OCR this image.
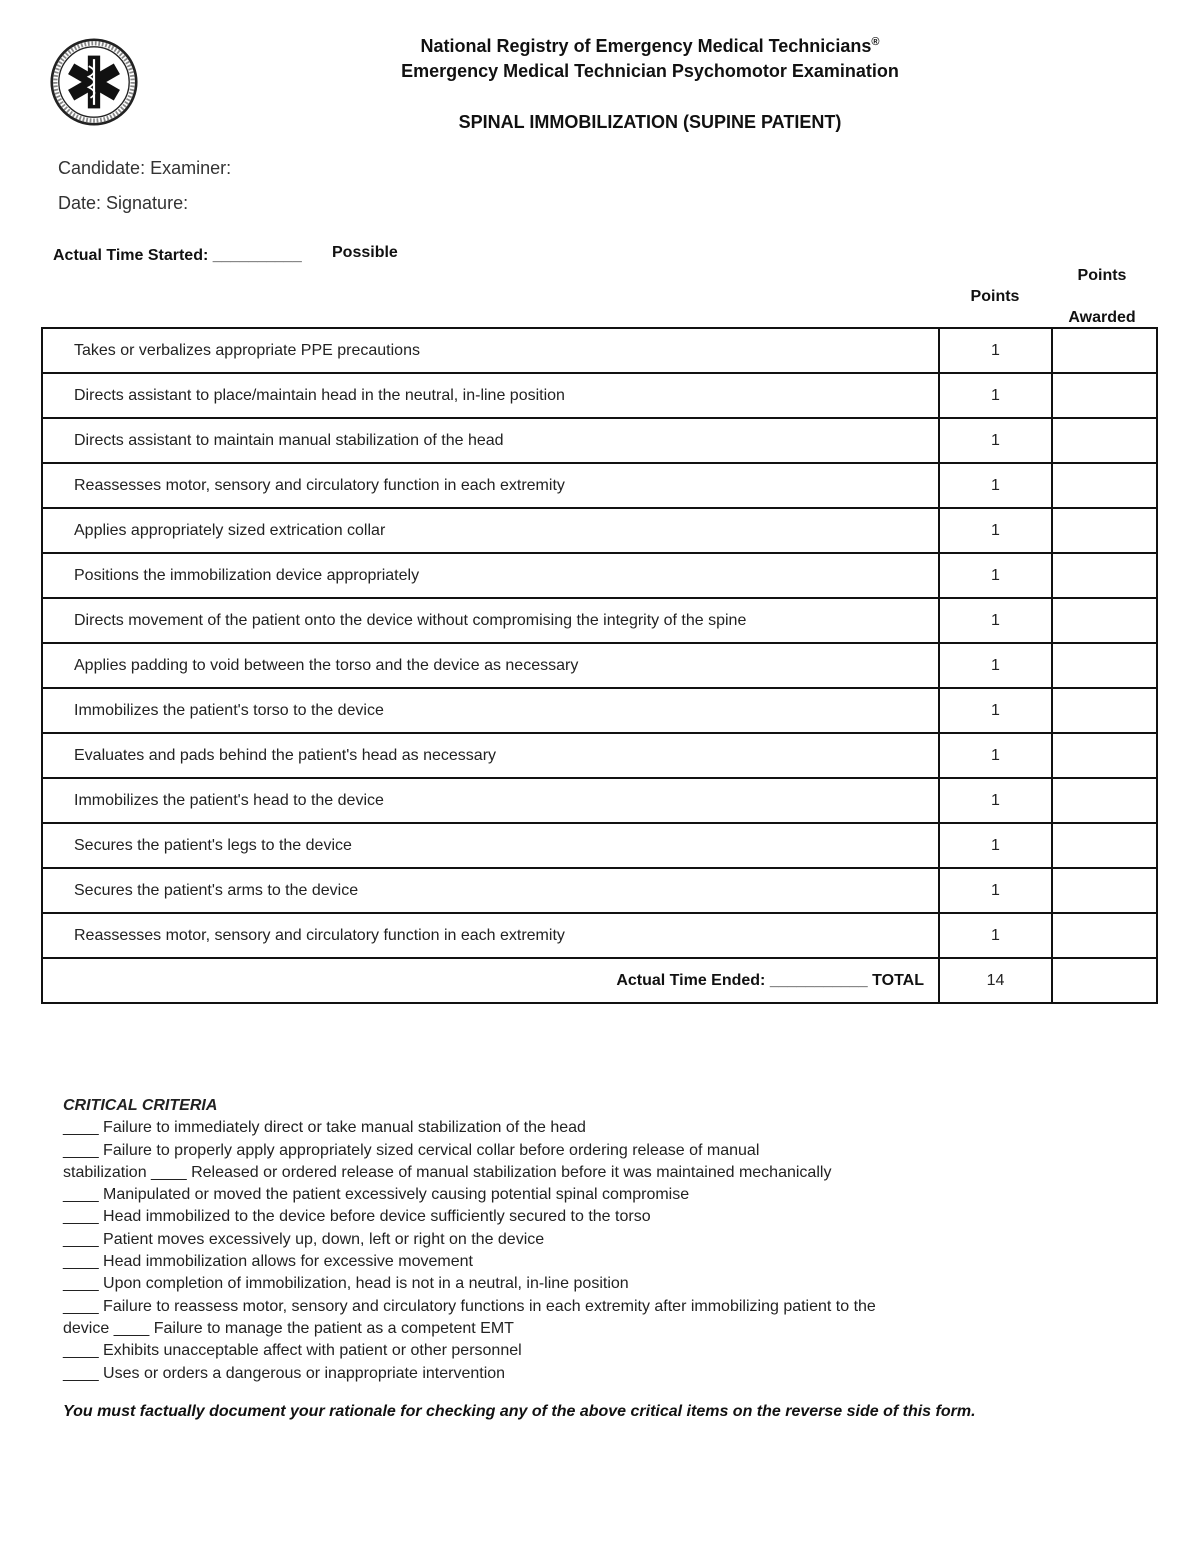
National Registry of Emergency Medical Technicians®
Emergency Medical Technician Psychomotor Examination
SPINAL IMMOBILIZATION (SUPINE PATIENT)
Candidate: Examiner:
Date: Signature:
Actual Time Started: __________ Possible
Points
Points
Awarded
Takes or verbalizes appropriate PPE precautions	1	
Directs assistant to place/maintain head in the neutral, in-line position	1	
Directs assistant to maintain manual stabilization of the head	1	
Reassesses motor, sensory and circulatory function in each extremity	1	
Applies appropriately sized extrication collar	1	
Positions the immobilization device appropriately	1	
Directs movement of the patient onto the device without compromising the integrity of the spine	1	
Applies padding to void between the torso and the device as necessary	1	
Immobilizes the patient's torso to the device	1	
Evaluates and pads behind the patient's head as necessary	1	
Immobilizes the patient's head to the device	1	
Secures the patient's legs to the device	1	
Secures the patient's arms to the device	1	
Reassesses motor, sensory and circulatory function in each extremity	1	
Actual Time Ended: ___________ TOTAL	14	
CRITICAL CRITERIA
____ Failure to immediately direct or take manual stabilization of the head
____ Failure to properly apply appropriately sized cervical collar before ordering release of manual
stabilization ____ Released or ordered release of manual stabilization before it was maintained mechanically
____ Manipulated or moved the patient excessively causing potential spinal compromise
____ Head immobilized to the device before device sufficiently secured to the torso
____ Patient moves excessively up, down, left or right on the device
____ Head immobilization allows for excessive movement
____ Upon completion of immobilization, head is not in a neutral, in-line position
____ Failure to reassess motor, sensory and circulatory functions in each extremity after immobilizing patient to the
device ____ Failure to manage the patient as a competent EMT
____ Exhibits unacceptable affect with patient or other personnel
____ Uses or orders a dangerous or inappropriate intervention
You must factually document your rationale for checking any of the above critical items on the reverse side of this form.
